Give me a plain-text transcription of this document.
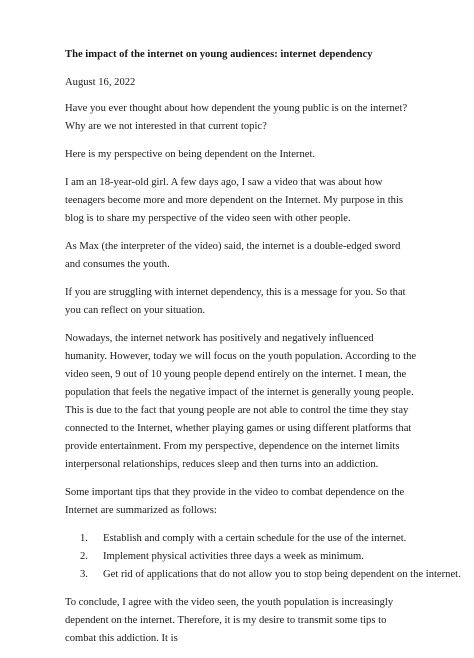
The impact of the internet on young audiences: internet dependency
August 16, 2022
Have you ever thought about how dependent the young public is on the internet? Why are we not interested in that current topic?
Here is my perspective on being dependent on the Internet.
I am an 18-year-old girl. A few days ago, I saw a video that was about how teenagers become more and more dependent on the Internet. My purpose in this blog is to share my perspective of the video seen with other people.
As Max (the interpreter of the video) said, the internet is a double-edged sword and consumes the youth.
If you are struggling with internet dependency, this is a message for you. So that you can reflect on your situation.
Nowadays, the internet network has positively and negatively influenced humanity. However, today we will focus on the youth population. According to the video seen, 9 out of 10 young people depend entirely on the internet. I mean, the population that feels the negative impact of the internet is generally young people. This is due to the fact that young people are not able to control the time they stay connected to the Internet, whether playing games or using different platforms that provide entertainment. From my perspective, dependence on the internet limits interpersonal relationships, reduces sleep and then turns into an addiction.
Some important tips that they provide in the video to combat dependence on the Internet are summarized as follows:
1. Establish and comply with a certain schedule for the use of the internet.
2. Implement physical activities three days a week as minimum.
3. Get rid of applications that do not allow you to stop being dependent on the internet.
To conclude, I agree with the video seen, the youth population is increasingly dependent on the internet. Therefore, it is my desire to transmit some tips to combat this addiction. It is
